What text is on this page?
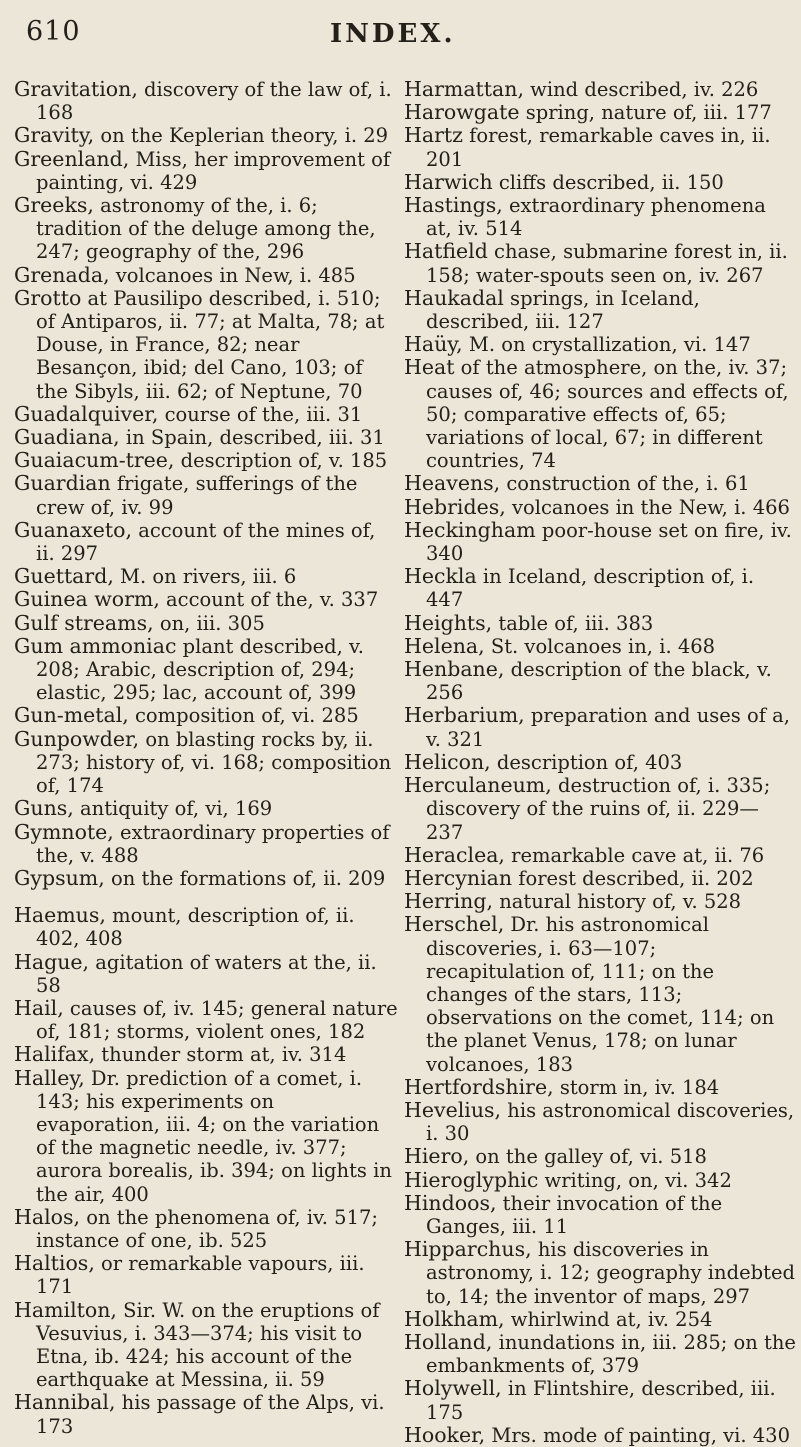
610	INDEX.

Gravitation, discovery of the law of, i. 168

Gravity, on the Keplerian theory, i. 29

Greenland, Miss, her improvement of painting, vi. 429

Greeks, astronomy of the, i. 6; tradition of the deluge among the, 247; geography of the, 296

Grenada, volcanoes in New, i. 485

Grotto at Pausilipo described, i. 510; of Antiparos, ii. 77; at Malta, 78; at Douse, in France, 82; near Besançon, ibid; del Cano, 103; of the Sibyls, iii. 62; of Neptune, 70

Guadalquiver, course of the, iii. 31

Guadiana, in Spain, described, iii. 31

Guaiacum-tree, description of, v. 185

Guardian frigate, sufferings of the crew of, iv. 99

Guanaxeto, account of the mines of, ii. 297

Guettard, M. on rivers, iii. 6

Guinea worm, account of the, v. 337

Gulf streams, on, iii. 305

Gum ammoniac plant described, v. 208; Arabic, description of, 294; elastic, 295; lac, account of, 399

Gun-metal, composition of, vi. 285

Gunpowder, on blasting rocks by, ii. 273; history of, vi. 168; composition of, 174

Guns, antiquity of, vi, 169

Gymnote, extraordinary properties of the, v. 488

Gypsum, on the formations of, ii. 209

Haemus, mount, description of, ii. 402, 408

Hague, agitation of waters at the, ii. 58

Hail, causes of, iv. 145; general nature of, 181; storms, violent ones, 182

Halifax, thunder storm at, iv. 314

Halley, Dr. prediction of a comet, i. 143; his experiments on evaporation, iii. 4; on the variation of the magnetic needle, iv. 377; aurora borealis, ib. 394; on lights in the air, 400

Halos, on the phenomena of, iv. 517; instance of one, ib. 525

Haltios, or remarkable vapours, iii. 171

Hamilton, Sir. W. on the eruptions of Vesuvius, i. 343—374; his visit to Etna, ib. 424; his account of the earthquake at Messina, ii. 59

Hannibal, his passage of the Alps, vi. 173

Harmattan, wind described, iv. 226

Harowgate spring, nature of, iii. 177

Hartz forest, remarkable caves in, ii. 201

Harwich cliffs described, ii. 150

Hastings, extraordinary phenomena at, iv. 514

Hatfield chase, submarine forest in, ii. 158; water-spouts seen on, iv. 267

Haukadal springs, in Iceland, described, iii. 127

Haüy, M. on crystallization, vi. 147

Heat of the atmosphere, on the, iv. 37; causes of, 46; sources and effects of, 50; comparative effects of, 65; variations of local, 67; in different countries, 74

Heavens, construction of the, i. 61

Hebrides, volcanoes in the New, i. 466

Heckingham poor-house set on fire, iv. 340

Heckla in Iceland, description of, i. 447

Heights, table of, iii. 383

Helena, St. volcanoes in, i. 468

Henbane, description of the black, v. 256

Herbarium, preparation and uses of a, v. 321

Helicon, description of, 403

Herculaneum, destruction of, i. 335; discovery of the ruins of, ii. 229—237

Heraclea, remarkable cave at, ii. 76

Hercynian forest described, ii. 202

Herring, natural history of, v. 528

Herschel, Dr. his astronomical discoveries, i. 63—107; recapitulation of, 111; on the changes of the stars, 113; observations on the comet, 114; on the planet Venus, 178; on lunar volcanoes, 183

Hertfordshire, storm in, iv. 184

Hevelius, his astronomical discoveries, i. 30

Hiero, on the galley of, vi. 518

Hieroglyphic writing, on, vi. 342

Hindoos, their invocation of the Ganges, iii. 11

Hipparchus, his discoveries in astronomy, i. 12; geography indebted to, 14; the inventor of maps, 297

Holkham, whirlwind at, iv. 254

Holland, inundations in, iii. 285; on the embankments of, 379

Holywell, in Flintshire, described, iii. 175

Hooker, Mrs. mode of painting, vi. 430
